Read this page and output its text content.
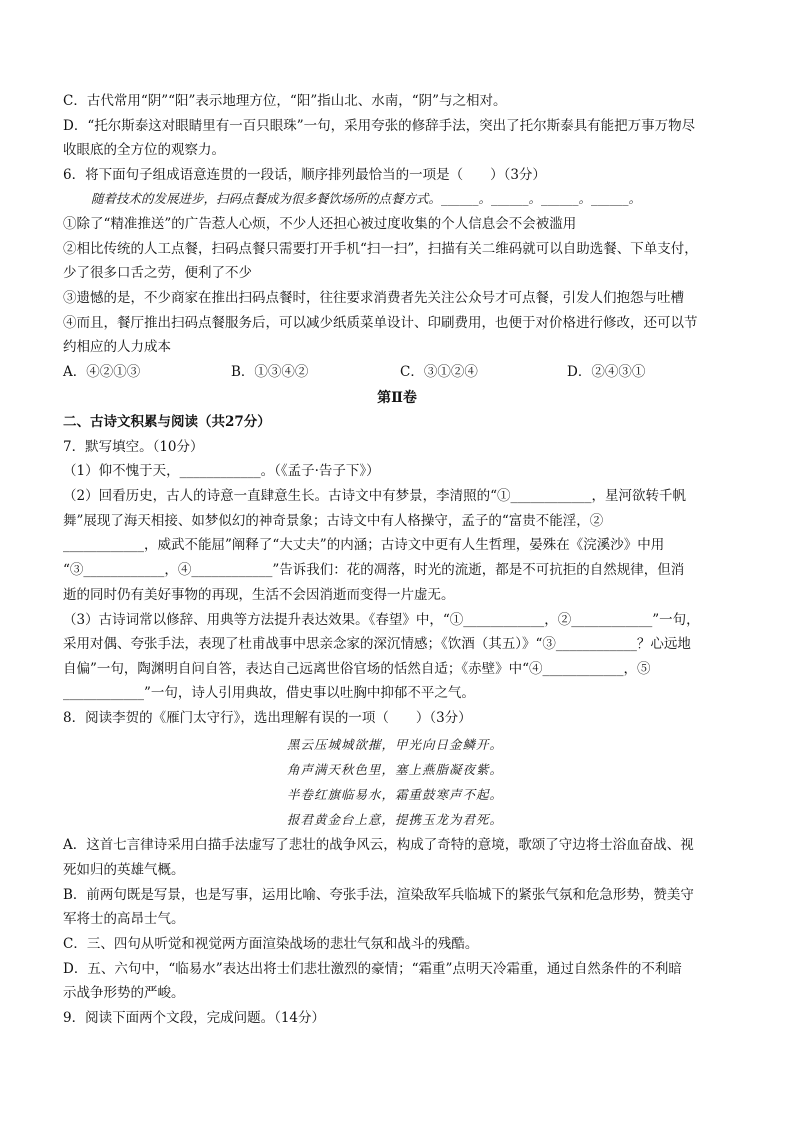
C．古代常用“阴”“阳”表示地理方位，“阳”指山北、水南，“阴”与之相对。
D．“托尔斯泰这对眼睛里有一百只眼珠”一句，采用夸张的修辞手法，突出了托尔斯泰具有能把万事万物尽
收眼底的全方位的观察力。
6．将下面句子组成语意连贯的一段话，顺序排列最恰当的一项是（　　）（3分）
随着技术的发展进步，扫码点餐成为很多餐饮场所的点餐方式。______。______。______。______。
①除了“精准推送”的广告惹人心烦，不少人还担心被过度收集的个人信息会不会被滥用
②相比传统的人工点餐，扫码点餐只需要打开手机“扫一扫”，扫描有关二维码就可以自助选餐、下单支付，
少了很多口舌之劳，便利了不少
③遗憾的是，不少商家在推出扫码点餐时，往往要求消费者先关注公众号才可点餐，引发人们抱怨与吐槽
④而且，餐厅推出扫码点餐服务后，可以减少纸质菜单设计、印刷费用，也便于对价格进行修改，还可以节
约相应的人力成本
A．④②①③	B．①③④②	C．③①②④	D．②④③①
第Ⅱ卷
二、古诗文积累与阅读（共27分）
7．默写填空。（10分）
（1）仰不愧于天，____________。（《孟子·告子下》）
（2）回看历史，古人的诗意一直肆意生长。古诗文中有梦景，李清照的“①____________，星河欲转千帆
舞”展现了海天相接、如梦似幻的神奇景象；古诗文中有人格操守，孟子的“富贵不能淫，②
____________，威武不能屈”阐释了“大丈夫”的内涵；古诗文中更有人生哲理，晏殊在《浣溪沙》中用
“③____________，④____________”告诉我们：花的凋落，时光的流逝，都是不可抗拒的自然规律，但消
逝的同时仍有美好事物的再现，生活不会因消逝而变得一片虚无。
（3）古诗词常以修辞、用典等方法提升表达效果。《春望》中，“①____________，②____________”一句，
采用对偶、夸张手法，表现了杜甫战事中思亲念家的深沉情感；《饮酒（其五）》“③____________？心远地
自偏”一句，陶渊明自问自答，表达自己远离世俗官场的恬然自适；《赤壁》中“④____________，⑤
____________”一句，诗人引用典故，借史事以吐胸中抑郁不平之气。
8．阅读李贺的《雁门太守行》，选出理解有误的一项（　　）（3分）
黑云压城城欲摧，甲光向日金鳞开。
角声满天秋色里，塞上燕脂凝夜紫。
半卷红旗临易水，霜重鼓寒声不起。
报君黄金台上意，提携玉龙为君死。
A．这首七言律诗采用白描手法虚写了悲壮的战争风云，构成了奇特的意境，歌颂了守边将士浴血奋战、视
死如归的英雄气概。
B．前两句既是写景，也是写事，运用比喻、夸张手法，渲染敌军兵临城下的紧张气氛和危急形势，赞美守
军将士的高昂士气。
C．三、四句从听觉和视觉两方面渲染战场的悲壮气氛和战斗的残酷。
D．五、六句中，“临易水”表达出将士们悲壮激烈的豪情；“霜重”点明天冷霜重，通过自然条件的不利暗
示战争形势的严峻。
9．阅读下面两个文段，完成问题。（14分）
